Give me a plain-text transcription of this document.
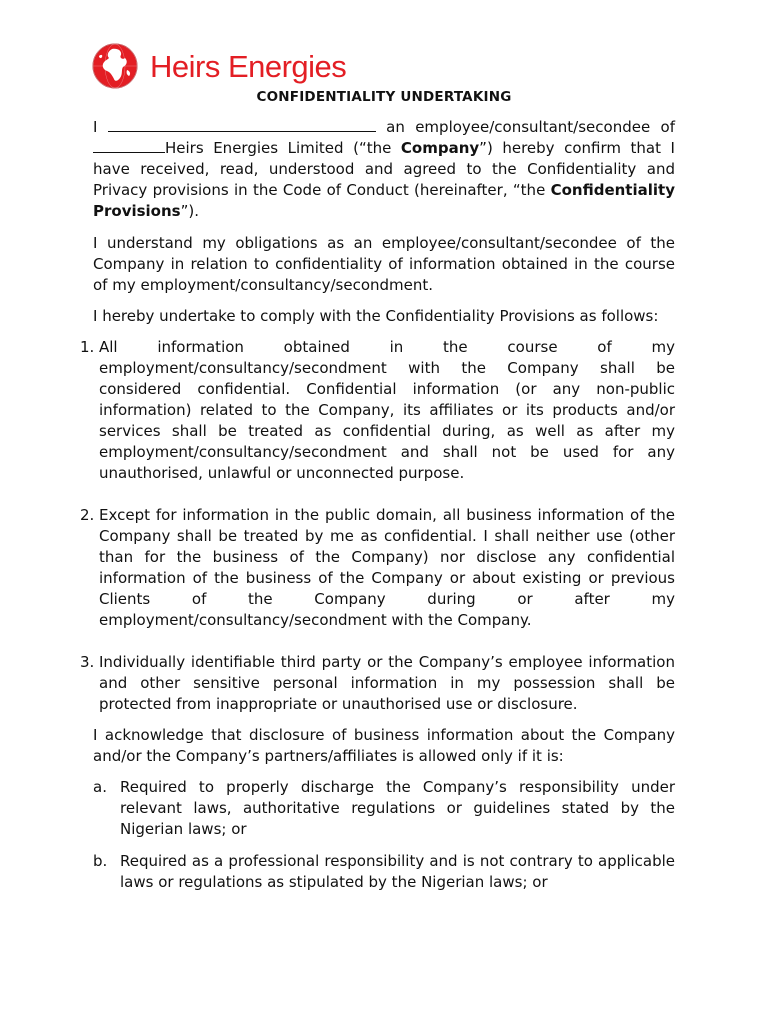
Heirs Energies
CONFIDENTIALITY UNDERTAKING

I	an employee/consultant/secondee of Heirs Energies Limited (“the Company”) hereby confirm that I have received, read, understood and agreed to the Confidentiality and Privacy provisions in the Code of Conduct (hereinafter, “the Confidentiality Provisions”).

I understand my obligations as an employee/consultant/secondee of the Company in relation to confidentiality of information obtained in the course of my employment/consultancy/secondment.

I hereby undertake to comply with the Confidentiality Provisions as follows:

1. All information obtained in the course of my employment/consultancy/secondment with the Company shall be considered confidential. Confidential information (or any non-public information) related to the Company, its affiliates or its products and/or services shall be treated as confidential during, as well as after my employment/consultancy/secondment and shall not be used for any unauthorised, unlawful or unconnected purpose.
2. Except for information in the public domain, all business information of the Company shall be treated by me as confidential. I shall neither use (other than for the business of the Company) nor disclose any confidential information of the business of the Company or about existing or previous Clients of the Company during or after my employment/consultancy/secondment with the Company.
3. Individually identifiable third party or the Company’s employee information and other sensitive personal information in my possession shall be protected from inappropriate or unauthorised use or disclosure.

I acknowledge that disclosure of business information about the Company and/or the Company’s partners/affiliates is allowed only if it is:

a. Required to properly discharge the Company’s responsibility under relevant laws, authoritative regulations or guidelines stated by the Nigerian laws; or
b. Required as a professional responsibility and is not contrary to applicable laws or regulations as stipulated by the Nigerian laws; or
